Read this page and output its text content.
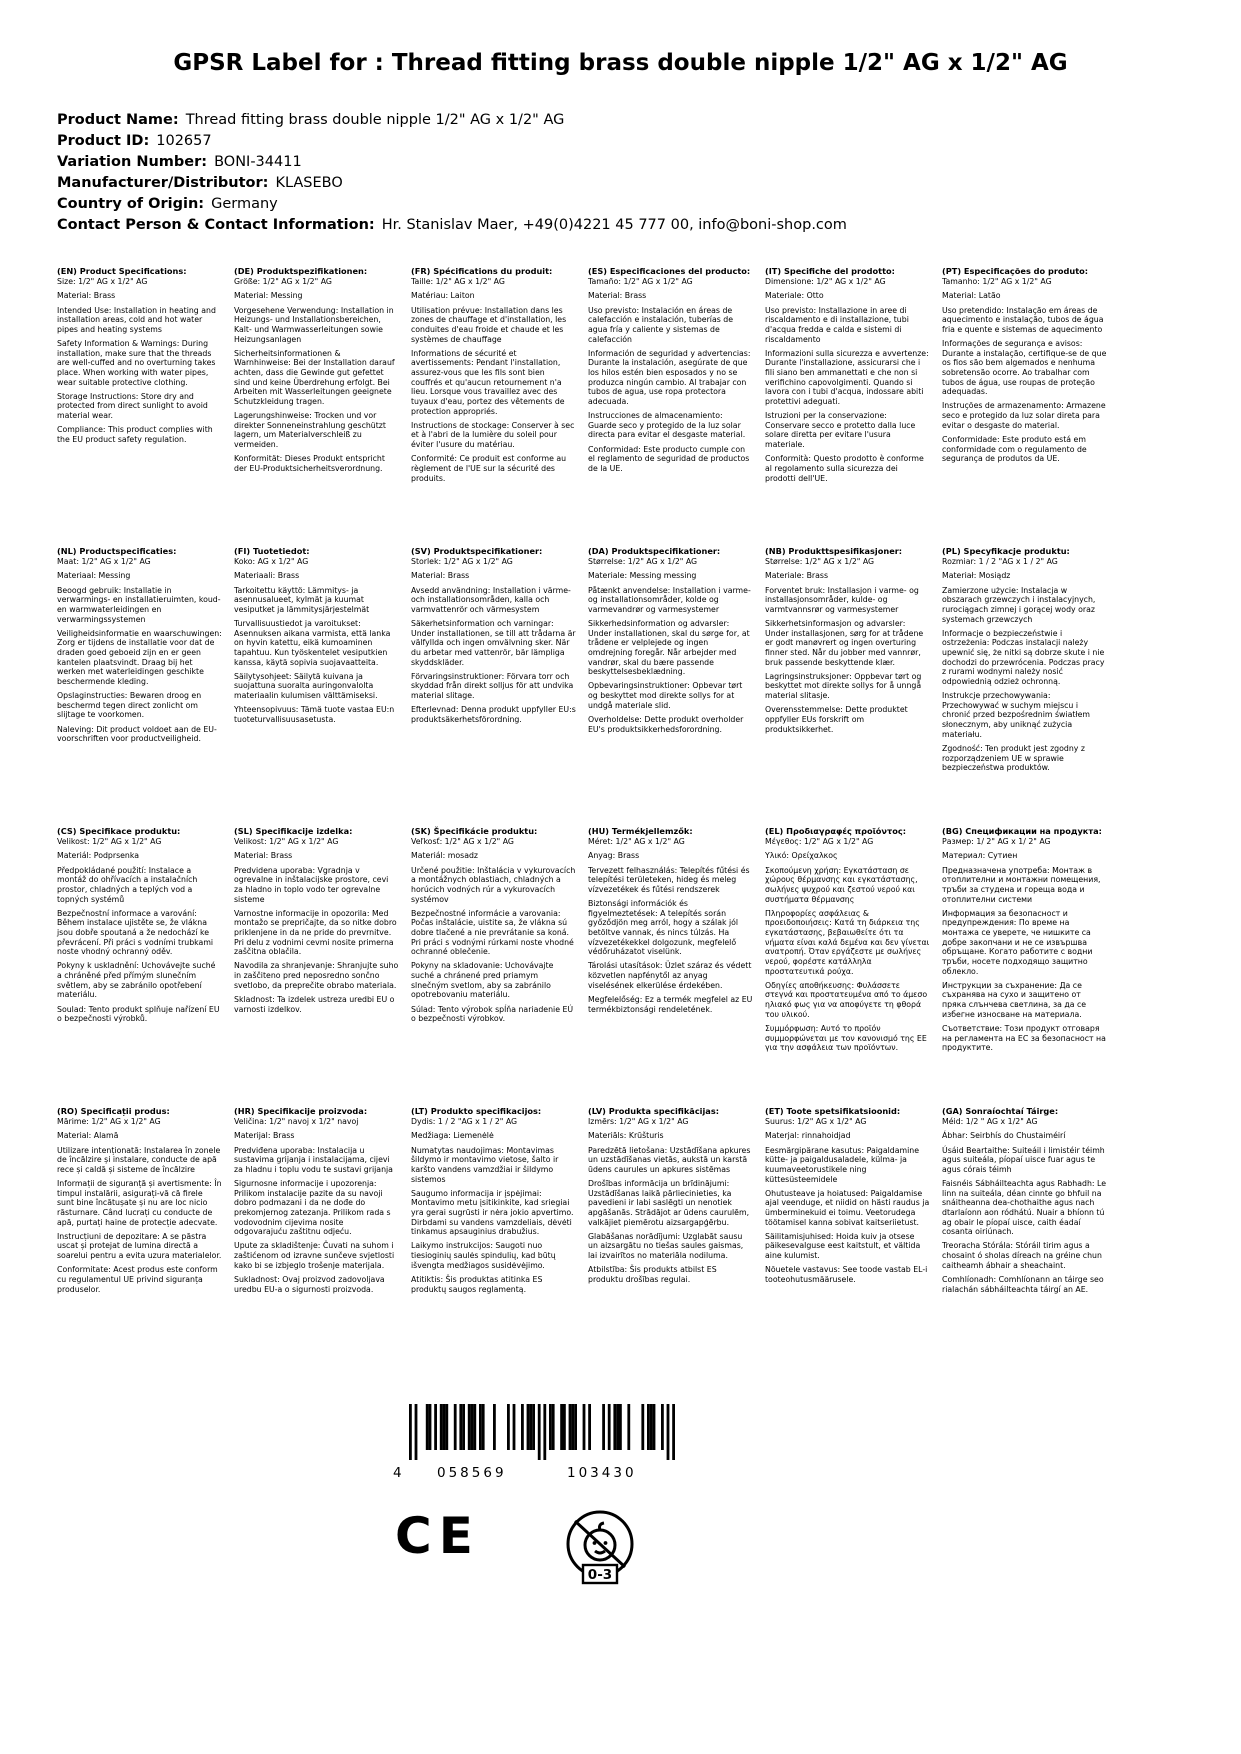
GPSR Label for : Thread fitting brass double nipple 1/2" AG x 1/2" AG
Product Name: Thread fitting brass double nipple 1/2" AG x 1/2" AG
Product ID: 102657
Variation Number: BONI-34411
Manufacturer/Distributor: KLASEBO
Country of Origin: Germany
Contact Person & Contact Information: Hr. Stanislav Maer, +49(0)4221 45 777 00, info@boni-shop.com
(EN) Product Specifications:

Size: 1/2" AG x 1/2" AG

Material: Brass

Intended Use: Installation in heating and installation areas, cold and hot water pipes and heating systems

Safety Information & Warnings: During installation, make sure that the threads are well-cuffed and no overturning takes place. When working with water pipes, wear suitable protective clothing.

Storage Instructions: Store dry and protected from direct sunlight to avoid material wear.

Compliance: This product complies with the EU product safety regulation.

(DE) Produktspezifikationen:

Größe: 1/2" AG x 1/2" AG

Material: Messing

Vorgesehene Verwendung: Installation in Heizungs- und Installationsbereichen, Kalt- und Warmwasserleitungen sowie Heizungsanlagen

Sicherheitsinformationen & Warnhinweise: Bei der Installation darauf achten, dass die Gewinde gut gefettet sind und keine Überdrehung erfolgt. Bei Arbeiten mit Wasserleitungen geeignete Schutzkleidung tragen.

Lagerungshinweise: Trocken und vor direkter Sonneneinstrahlung geschützt lagern, um Materialverschleiß zu vermeiden.

Konformität: Dieses Produkt entspricht der EU-Produktsicherheitsverordnung.

(FR) Spécifications du produit:

Taille: 1/2" AG x 1/2" AG

Matériau: Laiton

Utilisation prévue: Installation dans les zones de chauffage et d'installation, les conduites d'eau froide et chaude et les systèmes de chauffage

Informations de sécurité et avertissements: Pendant l'installation, assurez-vous que les fils sont bien couffrés et qu'aucun retournement n'a lieu. Lorsque vous travaillez avec des tuyaux d'eau, portez des vêtements de protection appropriés.

Instructions de stockage: Conserver à sec et à l'abri de la lumière du soleil pour éviter l'usure du matériau.

Conformité: Ce produit est conforme au règlement de l'UE sur la sécurité des produits.

(ES) Especificaciones del producto:

Tamaño: 1/2" AG x 1/2" AG

Material: Brass

Uso previsto: Instalación en áreas de calefacción e instalación, tuberías de agua fría y caliente y sistemas de calefacción

Información de seguridad y advertencias: Durante la instalación, asegúrate de que los hilos estén bien esposados y no se produzca ningún cambio. Al trabajar con tubos de agua, use ropa protectora adecuada.

Instrucciones de almacenamiento: Guarde seco y protegido de la luz solar directa para evitar el desgaste material.

Conformidad: Este producto cumple con el reglamento de seguridad de productos de la UE.

(IT) Specifiche del prodotto:

Dimensione: 1/2" AG x 1/2" AG

Materiale: Otto

Uso previsto: Installazione in aree di riscaldamento e di installazione, tubi d'acqua fredda e calda e sistemi di riscaldamento

Informazioni sulla sicurezza e avvertenze: Durante l'installazione, assicurarsi che i fili siano ben ammanettati e che non si verifichino capovolgimenti. Quando si lavora con i tubi d'acqua, indossare abiti protettivi adeguati.

Istruzioni per la conservazione: Conservare secco e protetto dalla luce solare diretta per evitare l'usura materiale.

Conformità: Questo prodotto è conforme al regolamento sulla sicurezza dei prodotti dell'UE.

(PT) Especificações do produto:

Tamanho: 1/2" AG x 1/2" AG

Material: Latão

Uso pretendido: Instalação em áreas de aquecimento e instalação, tubos de água fria e quente e sistemas de aquecimento

Informações de segurança e avisos: Durante a instalação, certifique-se de que os fios são bem algemados e nenhuma sobretensão ocorre. Ao trabalhar com tubos de água, use roupas de proteção adequadas.

Instruções de armazenamento: Armazene seco e protegido da luz solar direta para evitar o desgaste do material.

Conformidade: Este produto está em conformidade com o regulamento de segurança de produtos da UE.

(NL) Productspecificaties:

Maat: 1/2" AG x 1/2" AG

Materiaal: Messing

Beoogd gebruik: Installatie in verwarmings- en installatieruimten, koud- en warmwaterleidingen en verwarmingssystemen

Veiligheidsinformatie en waarschuwingen: Zorg er tijdens de installatie voor dat de draden goed geboeid zijn en er geen kantelen plaatsvindt. Draag bij het werken met waterleidingen geschikte beschermende kleding.

Opslaginstructies: Bewaren droog en beschermd tegen direct zonlicht om slijtage te voorkomen.

Naleving: Dit product voldoet aan de EU-voorschriften voor productveiligheid.

(FI) Tuotetiedot:

Koko: AG x 1/2" AG

Materiaali: Brass

Tarkoitettu käyttö: Lämmitys- ja asennusalueet, kylmät ja kuumat vesiputket ja lämmitysjärjestelmät

Turvallisuustiedot ja varoitukset: Asennuksen aikana varmista, että lanka on hyvin katettu, eikä kumoaminen tapahtuu. Kun työskentelet vesiputkien kanssa, käytä sopivia suojavaatteita.

Säilytysohjeet: Säilytä kuivana ja suojattuna suoralta auringonvalolta materiaalin kulumisen välttämiseksi.

Yhteensopivuus: Tämä tuote vastaa EU:n tuoteturvallisuusasetusta.

(SV) Produktspecifikationer:

Storlek: 1/2" AG x 1/2" AG

Material: Brass

Avsedd användning: Installation i värme- och installationsområden, kalla och varmvattenrör och värmesystem

Säkerhetsinformation och varningar: Under installationen, se till att trådarna är välfyllda och ingen omvälvning sker. När du arbetar med vattenrör, bär lämpliga skyddskläder.

Förvaringsinstruktioner: Förvara torr och skyddad från direkt solljus för att undvika material slitage.

Efterlevnad: Denna produkt uppfyller EU:s produktsäkerhetsförordning.

(DA) Produktspecifikationer:

Størrelse: 1/2" AG x 1/2" AG

Materiale: Messing messing

Påtænkt anvendelse: Installation i varme- og installationsområder, kolde og varmevandrør og varmesystemer

Sikkerhedsinformation og advarsler: Under installationen, skal du sørge for, at trådene er velplejede og ingen omdrejning foregår. Når arbejder med vandrør, skal du bære passende beskyttelsesbeklædning.

Opbevaringsinstruktioner: Opbevar tørt og beskyttet mod direkte sollys for at undgå materiale slid.

Overholdelse: Dette produkt overholder EU's produktsikkerhedsforordning.

(NB) Produkttspesifikasjoner:

Størrelse: 1/2" AG x 1/2" AG

Materiale: Brass

Forventet bruk: Installasjon i varme- og installasjonsområder, kulde- og varmtvannsrør og varmesystemer

Sikkerhetsinformasjon og advarsler: Under installasjonen, sørg for at trådene er godt manøvrert og ingen overturing finner sted. Når du jobber med vannrør, bruk passende beskyttende klær.

Lagringsinstruksjoner: Oppbevar tørt og beskyttet mot direkte sollys for å unngå material slitasje.

Overensstemmelse: Dette produktet oppfyller EUs forskrift om produktsikkerhet.

(PL) Specyfikacje produktu:

Rozmiar: 1 / 2 "AG x 1 / 2" AG

Materiał: Mosiądz

Zamierzone użycie: Instalacja w obszarach grzewczych i instalacyjnych, rurociągach zimnej i gorącej wody oraz systemach grzewczych

Informacje o bezpieczeństwie i ostrzeżenia: Podczas instalacji należy upewnić się, że nitki są dobrze skute i nie dochodzi do przewrócenia. Podczas pracy z rurami wodnymi należy nosić odpowiednią odzież ochronną.

Instrukcje przechowywania: Przechowywać w suchym miejscu i chronić przed bezpośrednim światłem słonecznym, aby uniknąć zużycia materiału.

Zgodność: Ten produkt jest zgodny z rozporządzeniem UE w sprawie bezpieczeństwa produktów.

(CS) Specifikace produktu:

Velikost: 1/2" AG x 1/2" AG

Materiál: Podprsenka

Předpokládané použití: Instalace a montáž do ohřívacích a instalačních prostor, chladných a teplých vod a topných systémů

Bezpečnostní informace a varování: Během instalace ujistěte se, že vlákna jsou dobře spoutaná a že nedochází ke převrácení. Při práci s vodními trubkami noste vhodný ochranný oděv.

Pokyny k uskladnění: Uchovávejte suché a chráněné před přímým slunečním světlem, aby se zabránilo opotřebení materiálu.

Soulad: Tento produkt splňuje nařízení EU o bezpečnosti výrobků.

(SL) Specifikacije izdelka:

Velikost: 1/2" AG x 1/2" AG

Material: Brass

Predvidena uporaba: Vgradnja v ogrevalne in inštalacijske prostore, cevi za hladno in toplo vodo ter ogrevalne sisteme

Varnostne informacije in opozorila: Med montažo se prepričajte, da so nitke dobro priklenjene in da ne pride do prevrnitve. Pri delu z vodnimi cevmi nosite primerna zaščitna oblačila.

Navodila za shranjevanje: Shranjujte suho in zaščiteno pred neposredno sončno svetlobo, da preprečite obrabo materiala.

Skladnost: Ta izdelek ustreza uredbi EU o varnosti izdelkov.

(SK) Špecifikácie produktu:

Veľkosť: 1/2" AG x 1/2" AG

Materiál: mosadz

Určené použitie: Inštalácia v vykurovacích a montážnych oblastiach, chladných a horúcich vodných rúr a vykurovacích systémov

Bezpečnostné informácie a varovania: Počas inštalácie, uistite sa, že vlákna sú dobre tlačené a nie prevrátanie sa koná. Pri práci s vodnými rúrkami noste vhodné ochranné oblečenie.

Pokyny na skladovanie: Uchovávajte suché a chránené pred priamym slnečným svetlom, aby sa zabránilo opotrebovaniu materiálu.

Súlad: Tento výrobok spĺňa nariadenie EÚ o bezpečnosti výrobkov.

(HU) Termékjellemzők:

Méret: 1/2" AG x 1/2" AG

Anyag: Brass

Tervezett felhasználás: Telepítés fűtési és telepítési területeken, hideg és meleg vízvezetékek és fűtési rendszerek

Biztonsági információk és figyelmeztetések: A telepítés során győződjön meg arról, hogy a szálak jól betöltve vannak, és nincs túlzás. Ha vízvezetékekkel dolgozunk, megfelelő védőruházatot viselünk.

Tárolási utasítások: Üzlet száraz és védett közvetlen napfénytől az anyag viselésének elkerülése érdekében.

Megfelelőség: Ez a termék megfelel az EU termékbiztonsági rendeletének.

(EL) Προδιαγραφές προϊόντος:

Μέγεθος: 1/2" AG x 1/2" AG

Υλικό: Ορείχαλκος

Σκοπούμενη χρήση: Εγκατάσταση σε χώρους θέρμανσης και εγκατάστασης, σωλήνες ψυχρού και ζεστού νερού και συστήματα θέρμανσης

Πληροφορίες ασφάλειας & προειδοποιήσεις: Κατά τη διάρκεια της εγκατάστασης, βεβαιωθείτε ότι τα νήματα είναι καλά δεμένα και δεν γίνεται ανατροπή. Όταν εργάζεστε με σωλήνες νερού, φορέστε κατάλληλα προστατευτικά ρούχα.

Οδηγίες αποθήκευσης: Φυλάσσετε στεγνά και προστατευμένα από το άμεσο ηλιακό φως για να αποφύγετε τη φθορά του υλικού.

Συμμόρφωση: Αυτό το προϊόν συμμορφώνεται με τον κανονισμό της ΕΕ για την ασφάλεια των προϊόντων.

(BG) Спецификации на продукта:

Размер: 1/ 2" AG x 1/ 2" AG

Материал: Сутиен

Предназначена употреба: Монтаж в отоплителни и монтажни помещения, тръби за студена и гореща вода и отоплителни системи

Информация за безопасност и предупреждения: По време на монтажа се уверете, че нишките са добре закопчани и не се извършва обръщане. Когато работите с водни тръби, носете подходящо защитно облекло.

Инструкции за съхранение: Да се съхранява на сухо и защитено от пряка слънчева светлина, за да се избегне износване на материала.

Съответствие: Този продукт отговаря на регламента на ЕС за безопасност на продуктите.

(RO) Specificații produs:

Mărime: 1/2" AG x 1/2" AG

Material: Alamă

Utilizare intenționată: Instalarea în zonele de încălzire și instalare, conducte de apă rece și caldă și sisteme de încălzire

Informații de siguranță și avertismente: În timpul instalării, asigurați-vă că firele sunt bine încătușate și nu are loc nicio răsturnare. Când lucrați cu conducte de apă, purtați haine de protecție adecvate.

Instrucțiuni de depozitare: A se păstra uscat și protejat de lumina directă a soarelui pentru a evita uzura materialelor.

Conformitate: Acest produs este conform cu regulamentul UE privind siguranța produselor.

(HR) Specifikacije proizvoda:

Veličina: 1/2" navoj x 1/2" navoj

Materijal: Brass

Predviđena uporaba: Instalacija u sustavima grijanja i instalacijama, cijevi za hladnu i toplu vodu te sustavi grijanja

Sigurnosne informacije i upozorenja: Prilikom instalacije pazite da su navoji dobro podmazani i da ne dođe do prekomjernog zatezanja. Prilikom rada s vodovodnim cijevima nosite odgovarajuću zaštitnu odjeću.

Upute za skladištenje: Čuvati na suhom i zaštićenom od izravne sunčeve svjetlosti kako bi se izbjeglo trošenje materijala.

Sukladnost: Ovaj proizvod zadovoljava uredbu EU-a o sigurnosti proizvoda.

(LT) Produkto specifikacijos:

Dydis: 1 / 2 "AG x 1 / 2" AG

Medžiaga: Liemenėlė

Numatytas naudojimas: Montavimas šildymo ir montavimo vietose, šalto ir karšto vandens vamzdžiai ir šildymo sistemos

Saugumo informacija ir įspėjimai: Montavimo metu įsitikinkite, kad sriegiai yra gerai sugrūsti ir nėra jokio apvertimo. Dirbdami su vandens vamzdeliais, dėvėti tinkamus apsauginius drabužius.

Laikymo instrukcijos: Saugoti nuo tiesioginių saulės spindulių, kad būtų išvengta medžiagos susidėvėjimo.

Atitiktis: Šis produktas atitinka ES produktų saugos reglamentą.

(LV) Produkta specifikācijas:

Izmērs: 1/2" AG x 1/2" AG

Materiāls: Krūšturis

Paredzētā lietošana: Uzstādīšana apkures un uzstādīšanas vietās, aukstā un karstā ūdens caurules un apkures sistēmas

Drošības informācija un brīdinājumi: Uzstādīšanas laikā pārliecinieties, ka pavedieni ir labi saslēgti un nenotiek apgāšanās. Strādājot ar ūdens caurulēm, valkājiet piemērotu aizsargapģērbu.

Glabāšanas norādījumi: Uzglabāt sausu un aizsargātu no tiešas saules gaismas, lai izvairītos no materiāla nodiluma.

Atbilstība: Šis produkts atbilst ES produktu drošības regulai.

(ET) Toote spetsifikatsioonid:

Suurus: 1/2" AG x 1/2" AG

Materjal: rinnahoidjad

Eesmärgipärane kasutus: Paigaldamine kütte- ja paigaldusaladele, külma- ja kuumaveetorustikele ning küttesüsteemidele

Ohutusteave ja hoiatused: Paigaldamise ajal veenduge, et niidid on hästi raudus ja ümberminekuid ei toimu. Veetorudega töötamisel kanna sobivat kaitseriietust.

Säilitamisjuhised: Hoida kuiv ja otsese päikesevalguse eest kaitstult, et vältida aine kulumist.

Nõuetele vastavus: See toode vastab EL-i tooteohutusmäärusele.

(GA) Sonraíochtaí Táirge:

Méid: 1/2 " AG x 1/2" AG

Ábhar: Seirbhís do Chustaiméirí

Úsáid Beartaithe: Suiteáil i limistéir téimh agus suiteála, píopaí uisce fuar agus te agus córais téimh

Faisnéis Sábháilteachta agus Rabhadh: Le linn na suiteála, déan cinnte go bhfuil na snáitheanna dea-chothaithe agus nach dtarlaíonn aon ródhátú. Nuair a bhíonn tú ag obair le píopaí uisce, caith éadaí cosanta oiriúnach.

Treoracha Stórála: Stóráil tirim agus a chosaint ó sholas díreach na gréine chun caitheamh ábhair a sheachaint.

Comhlíonadh: Comhlíonann an táirge seo rialachán sábháilteachta táirgí an AE.

4	058569	103430
CE
0-3
